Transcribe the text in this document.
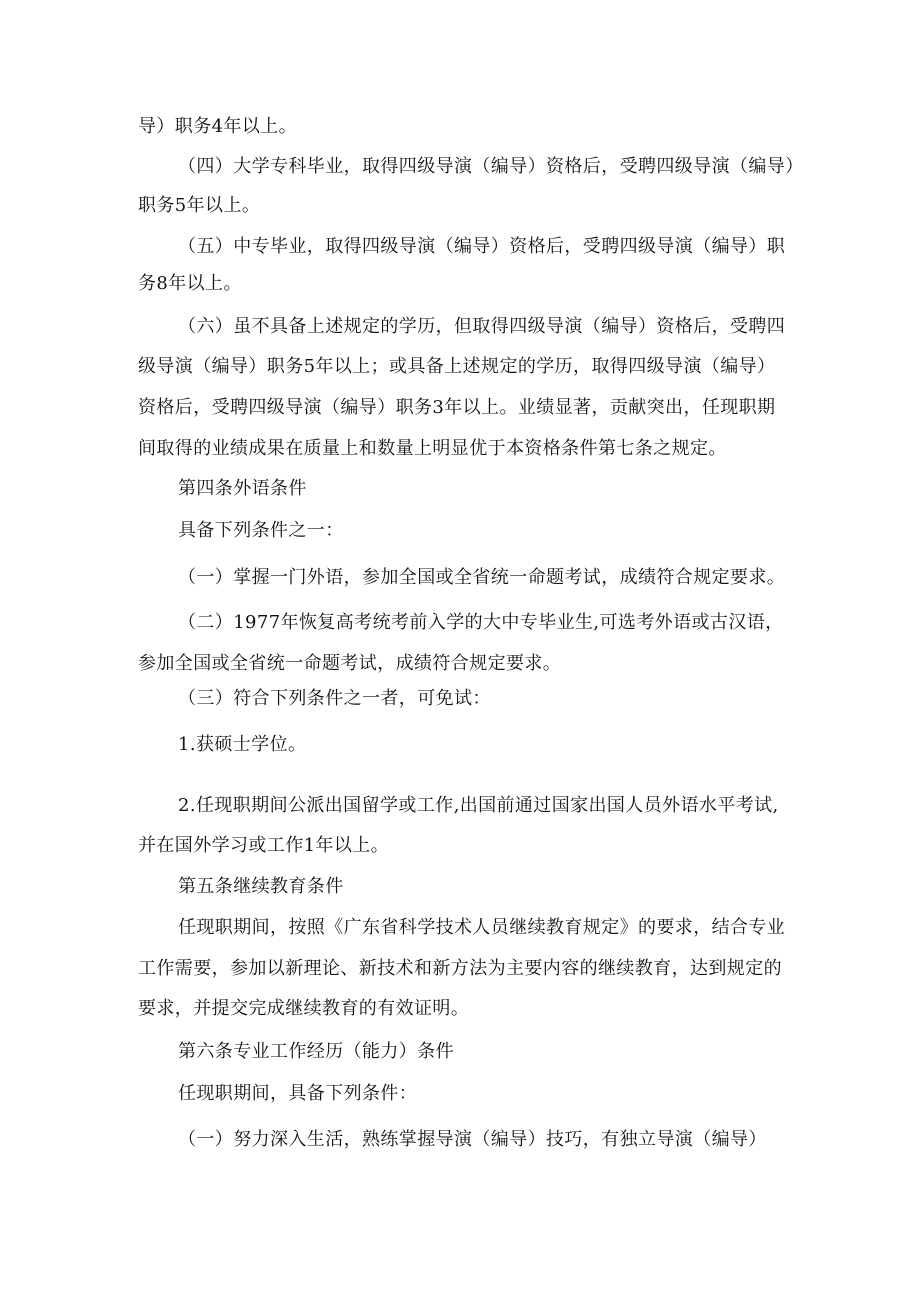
导）职务4年以上。
（四）大学专科毕业，取得四级导演（编导）资格后，受聘四级导演（编导）
职务5年以上。
（五）中专毕业，取得四级导演（编导）资格后，受聘四级导演（编导）职
务8年以上。
（六）虽不具备上述规定的学历，但取得四级导演（编导）资格后，受聘四
级导演（编导）职务5年以上；或具备上述规定的学历，取得四级导演（编导）
资格后，受聘四级导演（编导）职务3年以上。业绩显著，贡献突出，任现职期
间取得的业绩成果在质量上和数量上明显优于本资格条件第七条之规定。
第四条外语条件
具备下列条件之一：
（一）掌握一门外语，参加全国或全省统一命题考试，成绩符合规定要求。
（二）1977年恢复高考统考前入学的大中专毕业生,可选考外语或古汉语，
参加全国或全省统一命题考试，成绩符合规定要求。
（三）符合下列条件之一者，可免试：
1.获硕士学位。
2.任现职期间公派出国留学或工作,出国前通过国家出国人员外语水平考试,
并在国外学习或工作1年以上。
第五条继续教育条件
任现职期间，按照《广东省科学技术人员继续教育规定》的要求，结合专业
工作需要，参加以新理论、新技术和新方法为主要内容的继续教育，达到规定的
要求，并提交完成继续教育的有效证明。
第六条专业工作经历（能力）条件
任现职期间，具备下列条件：
（一）努力深入生活，熟练掌握导演（编导）技巧，有独立导演（编导）
